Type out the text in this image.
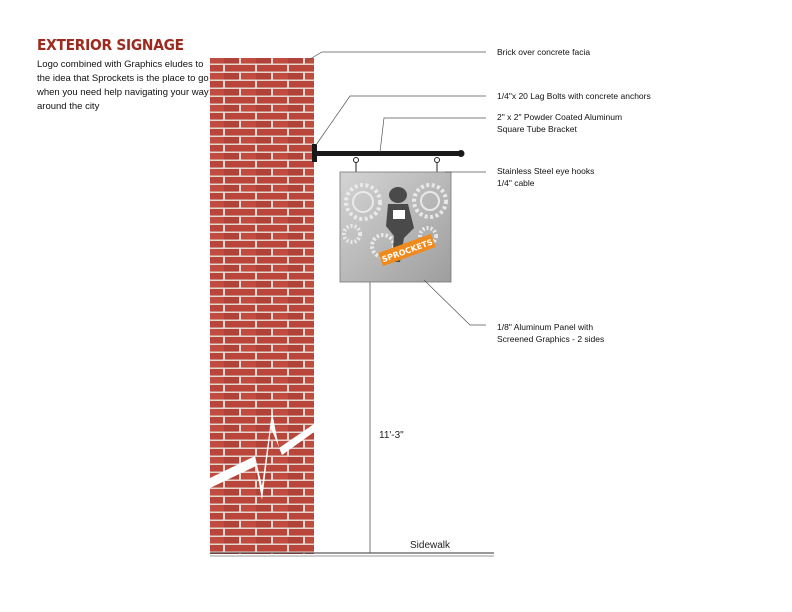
SPROCKETS
EXTERIOR SIGNAGE
Logo combined with Graphics eludes to the idea that Sprockets is the place to go when you need help navigating your way around the city
Brick over concrete facia
1/4"x 20 Lag Bolts with concrete anchors
2" x 2" Powder Coated Aluminum
Square Tube Bracket
Stainless Steel eye hooks
1/4" cable
1/8" Aluminum Panel with
Screened Graphics - 2 sides
11'-3"
Sidewalk
